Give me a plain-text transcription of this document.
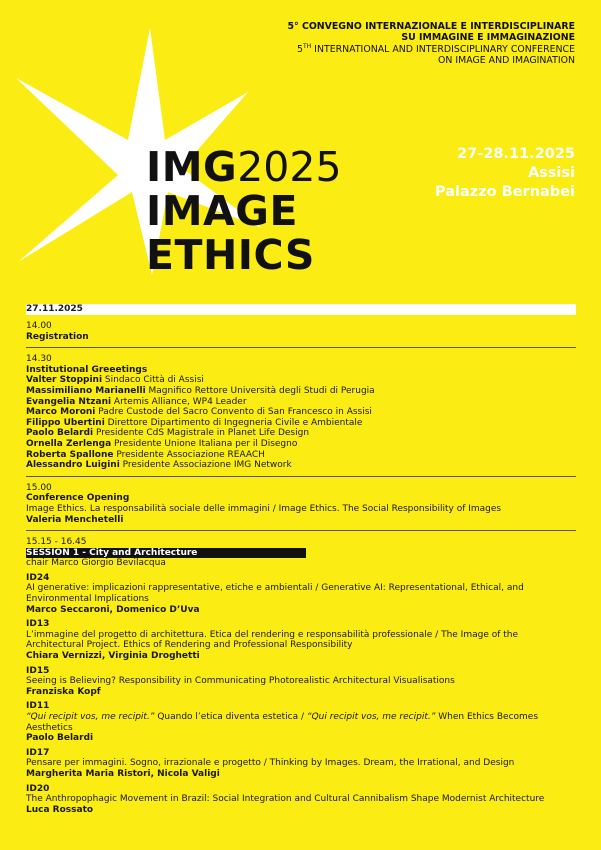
5° CONVEGNO INTERNAZIONALE E INTERDISCIPLINARE
SU IMMAGINE E IMMAGINAZIONE
5TH INTERNATIONAL AND INTERDISCIPLINARY CONFERENCE
ON IMAGE AND IMAGINATION
IMG2025
IMAGE
ETHICS
27-28.11.2025
Assisi
Palazzo Bernabei
27.11.2025
14.00
Registration
14.30
Institutional Greeetings
Valter Stoppini Sindaco Città di Assisi
Massimiliano Marianelli Magnifico Rettore Università degli Studi di Perugia
Evangelia Ntzani Artemis Alliance, WP4 Leader
Marco Moroni Padre Custode del Sacro Convento di San Francesco in Assisi
Filippo Ubertini Direttore Dipartimento di Ingegneria Civile e Ambientale
Paolo Belardi Presidente CdS Magistrale in Planet Life Design
Ornella Zerlenga Presidente Unione Italiana per il Disegno
Roberta Spallone Presidente Associazione REAACH
Alessandro Luigini Presidente Associazione IMG Network
15.00
Conference Opening
Image Ethics. La responsabilità sociale delle immagini / Image Ethics. The Social Responsibility of Images
Valeria Menchetelli
15.15 - 16.45
SESSION 1 - City and Architecture
chair Marco Giorgio Bevilacqua
ID24
AI generative: implicazioni rappresentative, etiche e ambientali / Generative AI: Representational, Ethical, and Environmental Implications
Marco Seccaroni, Domenico D’Uva
ID13
L’immagine del progetto di architettura. Etica del rendering e responsabilità professionale / The Image of the Architectural Project. Ethics of Rendering and Professional Responsibility
Chiara Vernizzi, Virginia Droghetti
ID15
Seeing is Believing? Responsibility in Communicating Photorealistic Architectural Visualisations
Franziska Kopf
ID11
“Qui recipit vos, me recipit.” Quando l’etica diventa estetica / “Qui recipit vos, me recipit.” When Ethics Becomes Aesthetics
Paolo Belardi
ID17
Pensare per immagini. Sogno, irrazionale e progetto / Thinking by Images. Dream, the Irrational, and Design
Margherita Maria Ristori, Nicola Valigi
ID20
The Anthropophagic Movement in Brazil: Social Integration and Cultural Cannibalism Shape Modernist Architecture
Luca Rossato
